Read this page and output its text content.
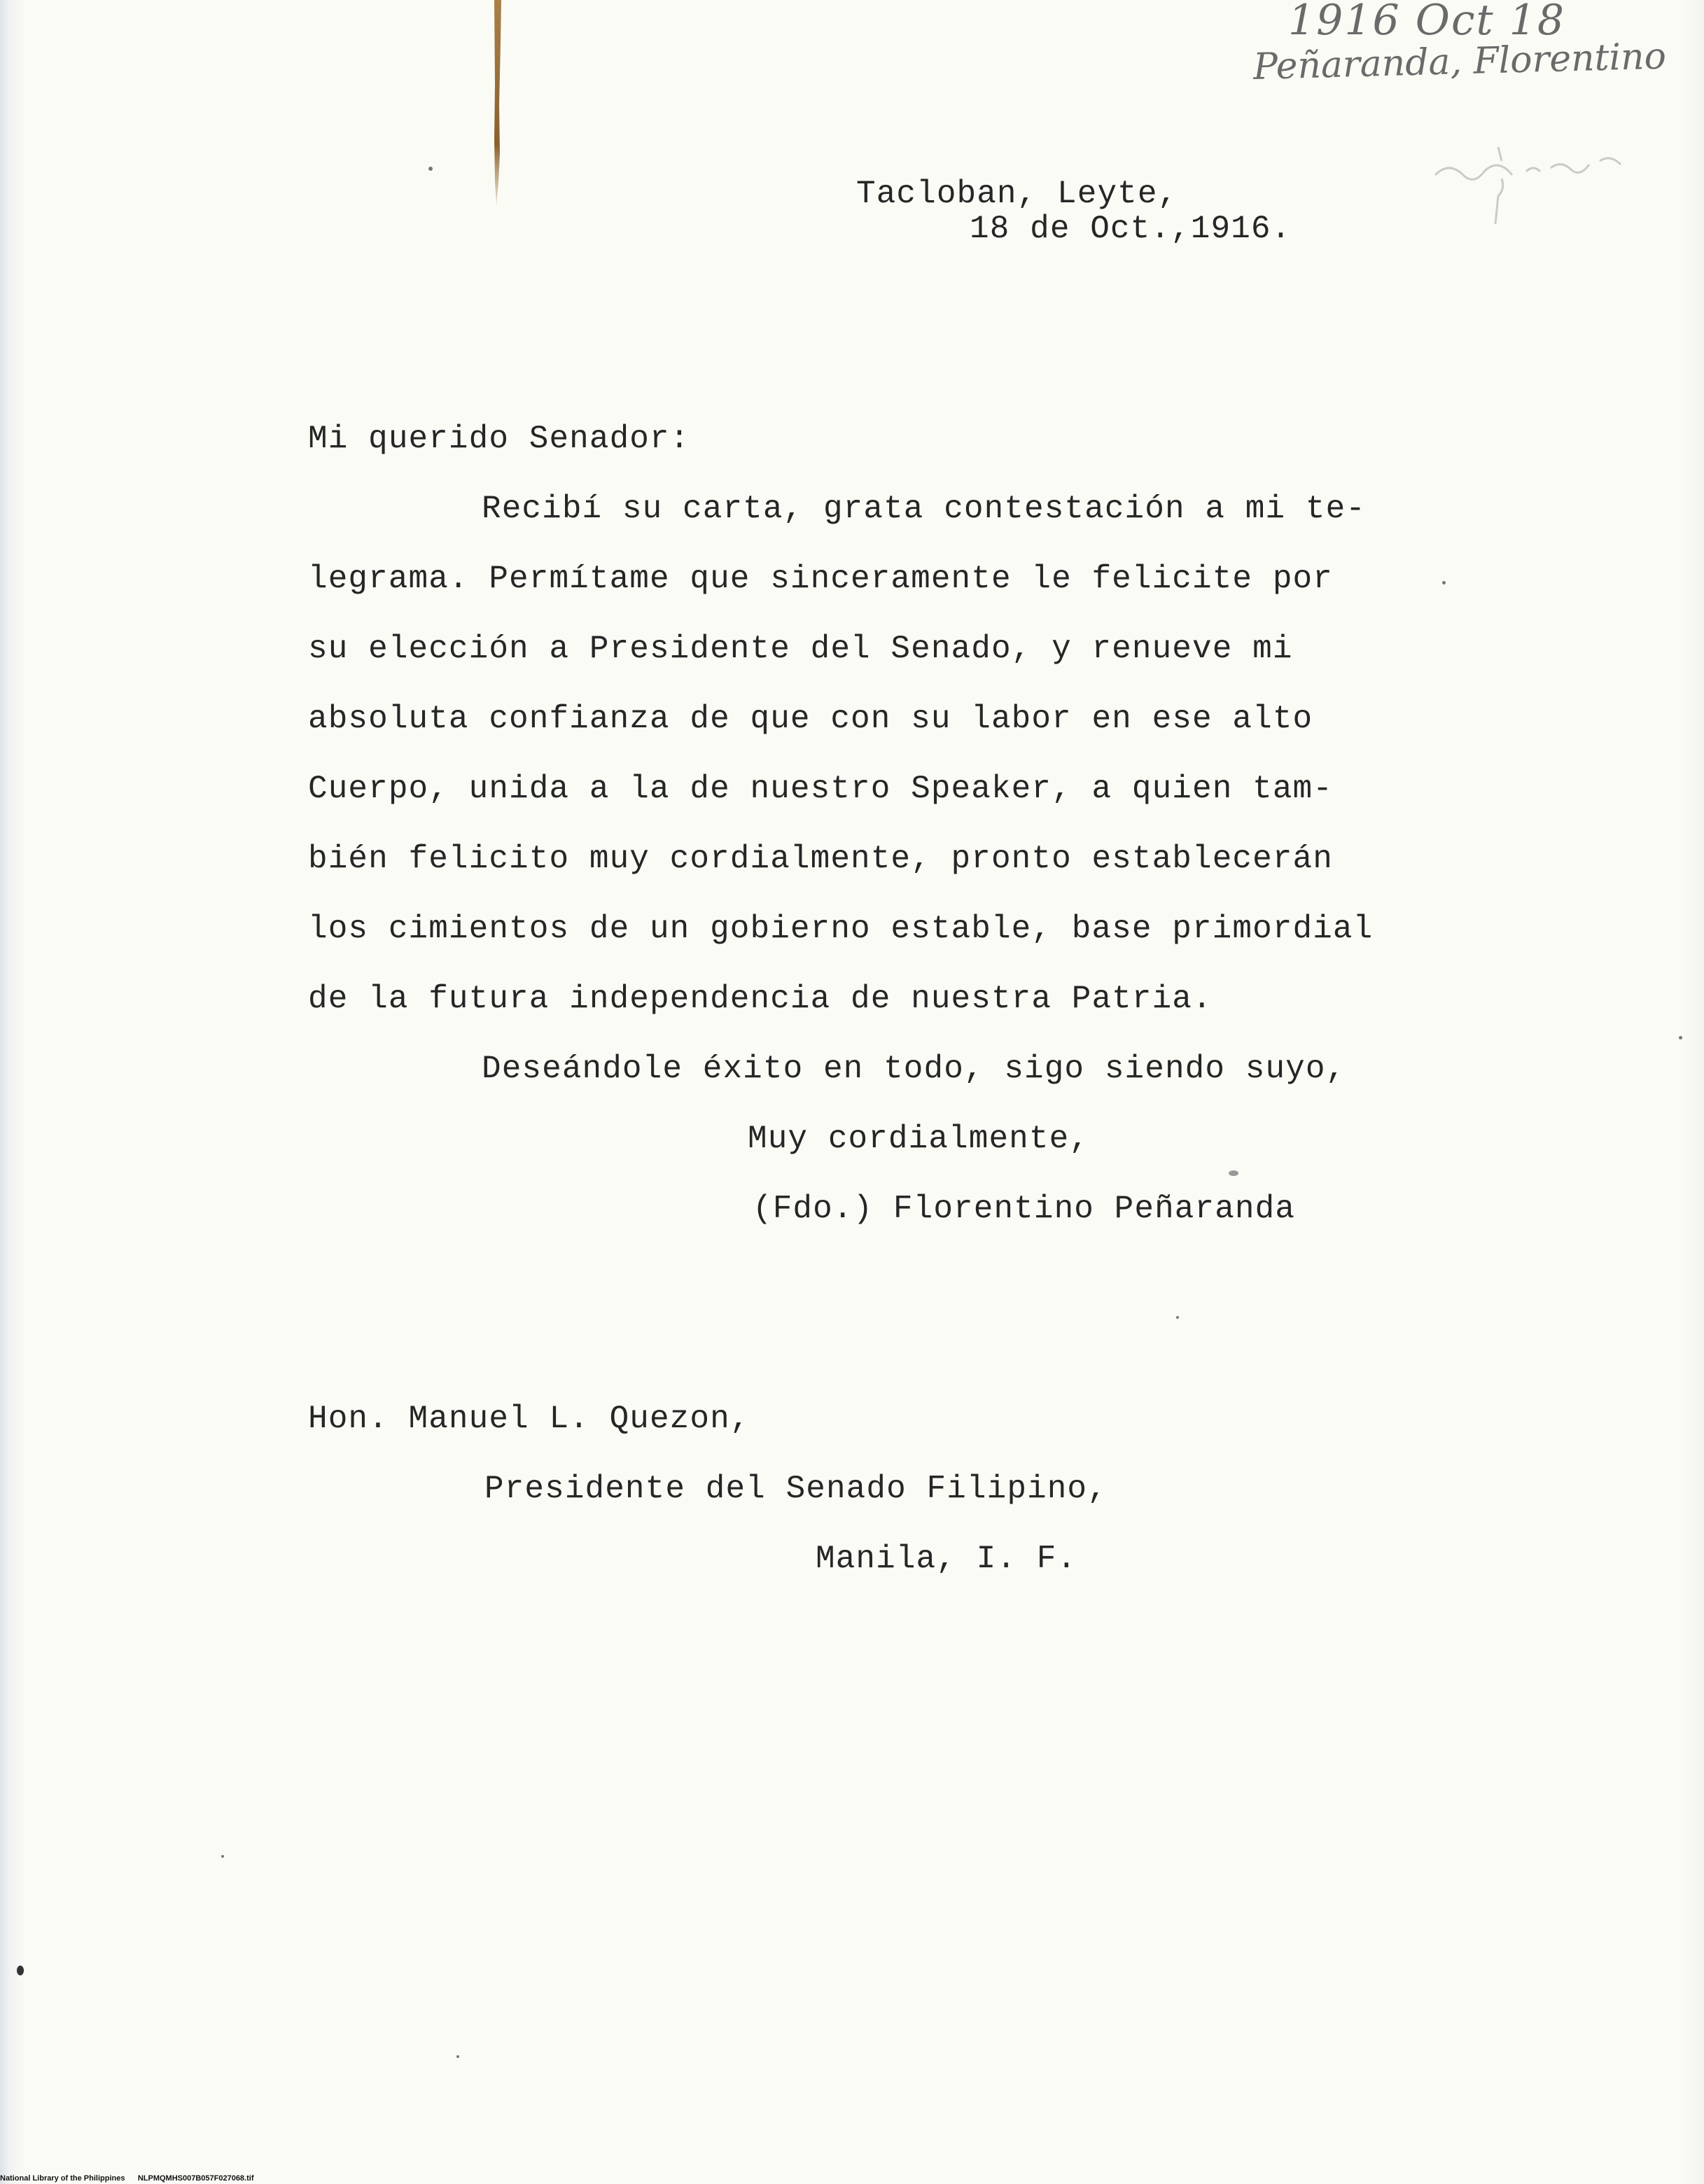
1916 Oct 18
Peñaranda, Florentino
Tacloban, Leyte,
18 de Oct.,1916.
Mi querido Senador:
Recibí su carta, grata contestación a mi te-
legrama. Permítame que sinceramente le felicite por
su elección a Presidente del Senado, y renueve mi
absoluta confianza de que con su labor en ese alto
Cuerpo, unida a la de nuestro Speaker, a quien tam-
bién felicito muy cordialmente, pronto establecerán
los cimientos de un gobierno estable, base primordial
de la futura independencia de nuestra Patria.
Deseándole éxito en todo, sigo siendo suyo,
Muy cordialmente,
(Fdo.) Florentino Peñaranda
Hon. Manuel L. Quezon,
Presidente del Senado Filipino,
Manila, I. F.
National Library of the Philippines NLPMQMHS007B057F027068.tif
